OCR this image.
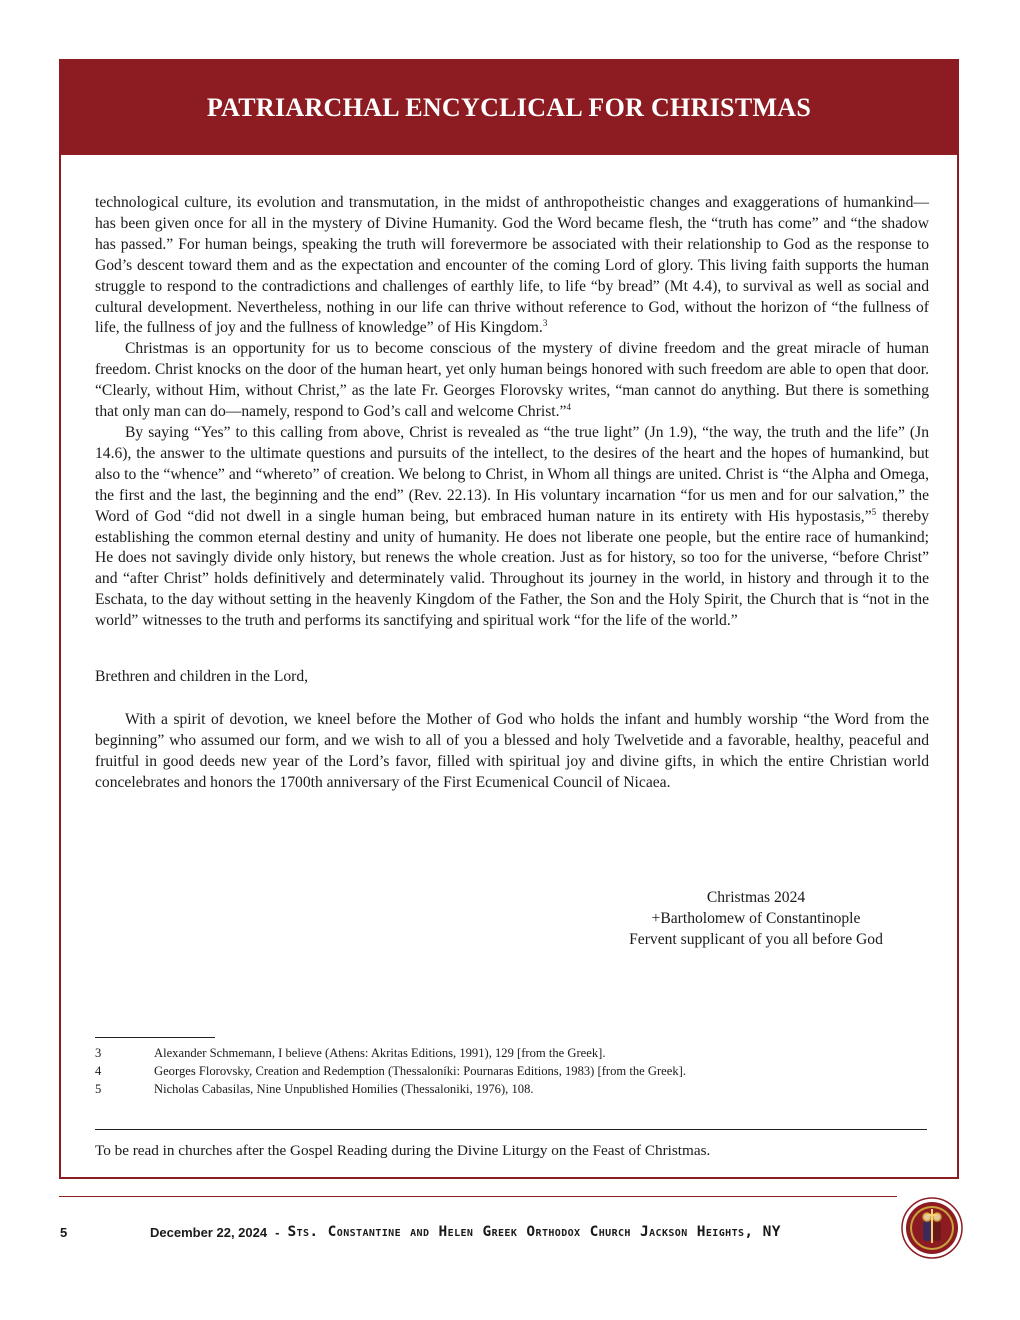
PATRIARCHAL ENCYCLICAL FOR CHRISTMAS

technological culture, its evolution and transmutation, in the midst of anthropotheistic changes and exaggerations of humankind— has been given once for all in the mystery of Divine Humanity. God the Word became flesh, the “truth has come” and “the shadow has passed.” For human beings, speaking the truth will forevermore be associated with their relationship to God as the response to God’s descent toward them and as the expectation and encounter of the coming Lord of glory. This living faith supports the human struggle to respond to the contradictions and challenges of earthly life, to life “by bread” (Mt 4.4), to survival as well as social and cultural development. Nevertheless, nothing in our life can thrive without reference to God, without the horizon of “the fullness of life, the fullness of joy and the fullness of knowledge” of His Kingdom.$^3$

Christmas is an opportunity for us to become conscious of the mystery of divine freedom and the great miracle of human freedom. Christ knocks on the door of the human heart, yet only human beings honored with such freedom are able to open that door. “Clearly, without Him, without Christ,” as the late Fr. Georges Florovsky writes, “man cannot do anything. But there is something that only man can do—namely, respond to God’s call and welcome Christ.”$^4$

By saying “Yes” to this calling from above, Christ is revealed as “the true light” (Jn 1.9), “the way, the truth and the life” (Jn 14.6), the answer to the ultimate questions and pursuits of the intellect, to the desires of the heart and the hopes of humankind, but also to the “whence” and “whereto” of creation. We belong to Christ, in Whom all things are united. Christ is “the Alpha and Omega, the first and the last, the beginning and the end” (Rev. 22.13). In His voluntary incarnation “for us men and for our salvation,” the Word of God “did not dwell in a single human being, but embraced human nature in its entirety with His hypostasis,”$^5$ thereby establishing the common eternal destiny and unity of humanity. He does not liberate one people, but the entire race of humankind; He does not savingly divide only history, but renews the whole creation. Just as for history, so too for the universe, “before Christ” and “after Christ” holds definitively and determinately valid. Throughout its journey in the world, in history and through it to the Eschata, to the day without setting in the heavenly Kingdom of the Father, the Son and the Holy Spirit, the Church that is “not in the world” witnesses to the truth and performs its sanctifying and spiritual work “for the life of the world.”

Brethren and children in the Lord,

With a spirit of devotion, we kneel before the Mother of God who holds the infant and humbly worship “the Word from the beginning” who assumed our form, and we wish to all of you a blessed and holy Twelvetide and a favorable, healthy, peaceful and fruitful in good deeds new year of the Lord’s favor, filled with spiritual joy and divine gifts, in which the entire Christian world concelebrates and honors the 1700th anniversary of the First Ecumenical Council of Nicaea.

Christmas 2024
+Bartholomew of Constantinople
Fervent supplicant of you all before God
3	Alexander Schmemann, I believe (Athens: Akritas Editions, 1991), 129 [from the Greek].
4	Georges Florovsky, Creation and Redemption (Thessaloníki: Pournaras Editions, 1983) [from the Greek].
5	Nicholas Cabasilas, Nine Unpublished Homilies (Thessaloniki, 1976), 108.
To be read in churches after the Gospel Reading during the Divine Liturgy on the Feast of Christmas.
5	December 22, 2024 - Sts. Constantine and Helen Greek Orthodox Church Jackson Heights, NY
